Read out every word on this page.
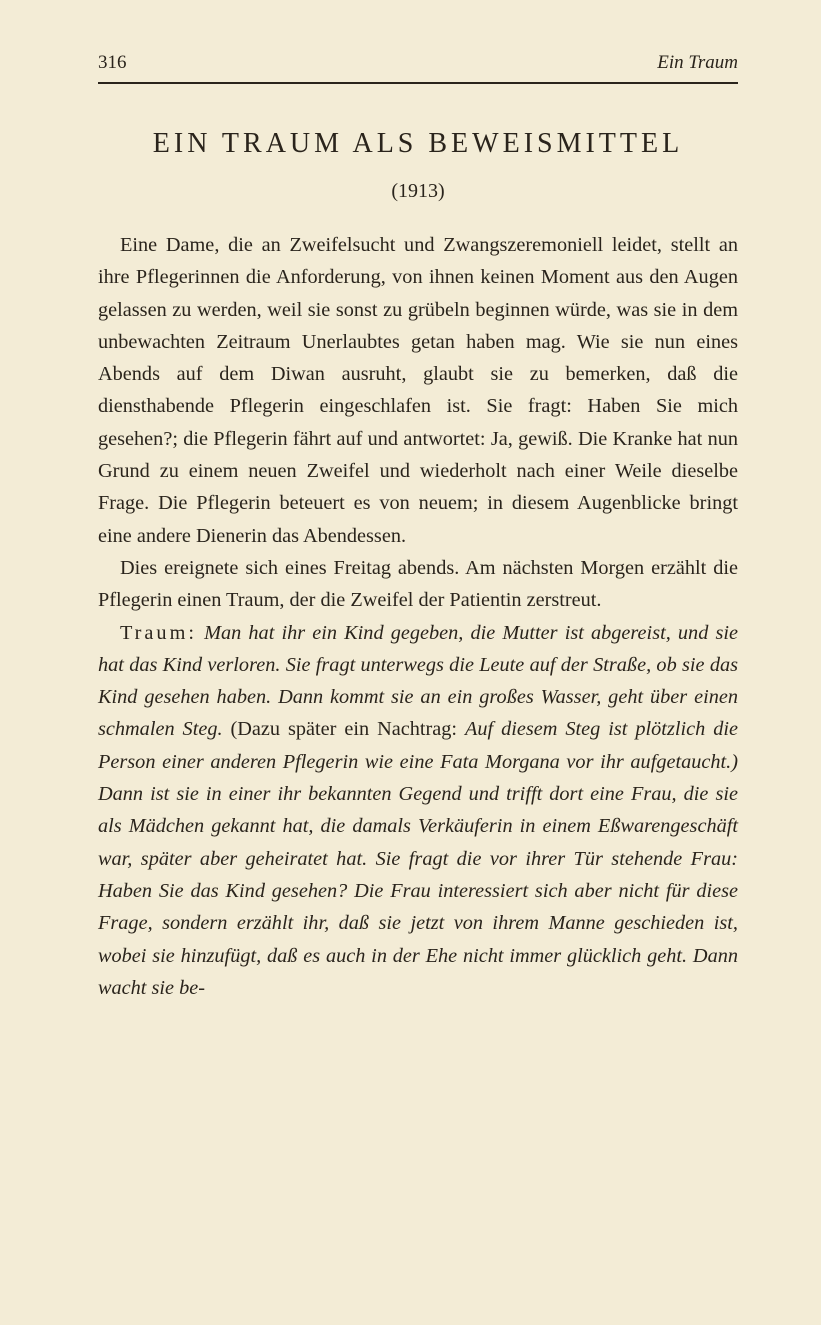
316	Ein Traum
EIN TRAUM ALS BEWEISMITTEL
(1913)

Eine Dame, die an Zweifelsucht und Zwangszeremoniell leidet, stellt an ihre Pflegerinnen die Anforderung, von ihnen keinen Moment aus den Augen gelassen zu werden, weil sie sonst zu grübeln beginnen würde, was sie in dem unbewachten Zeitraum Unerlaubtes getan haben mag. Wie sie nun eines Abends auf dem Diwan ausruht, glaubt sie zu bemerken, daß die diensthabende Pflegerin eingeschlafen ist. Sie fragt: Haben Sie mich gesehen?; die Pflegerin fährt auf und antwortet: Ja, gewiß. Die Kranke hat nun Grund zu einem neuen Zweifel und wiederholt nach einer Weile dieselbe Frage. Die Pflegerin beteuert es von neuem; in diesem Augenblicke bringt eine andere Dienerin das Abendessen.

Dies ereignete sich eines Freitag abends. Am nächsten Morgen erzählt die Pflegerin einen Traum, der die Zweifel der Patientin zerstreut.

Traum: Man hat ihr ein Kind gegeben, die Mutter ist abgereist, und sie hat das Kind verloren. Sie fragt unterwegs die Leute auf der Straße, ob sie das Kind gesehen haben. Dann kommt sie an ein großes Wasser, geht über einen schmalen Steg. (Dazu später ein Nachtrag: Auf diesem Steg ist plötzlich die Person einer anderen Pflegerin wie eine Fata Morgana vor ihr aufgetaucht.) Dann ist sie in einer ihr bekannten Gegend und trifft dort eine Frau, die sie als Mädchen gekannt hat, die damals Verkäuferin in einem Eßwarengeschäft war, später aber geheiratet hat. Sie fragt die vor ihrer Tür stehende Frau: Haben Sie das Kind gesehen? Die Frau interessiert sich aber nicht für diese Frage, sondern erzählt ihr, daß sie jetzt von ihrem Manne geschieden ist, wobei sie hinzufügt, daß es auch in der Ehe nicht immer glücklich geht. Dann wacht sie be-
